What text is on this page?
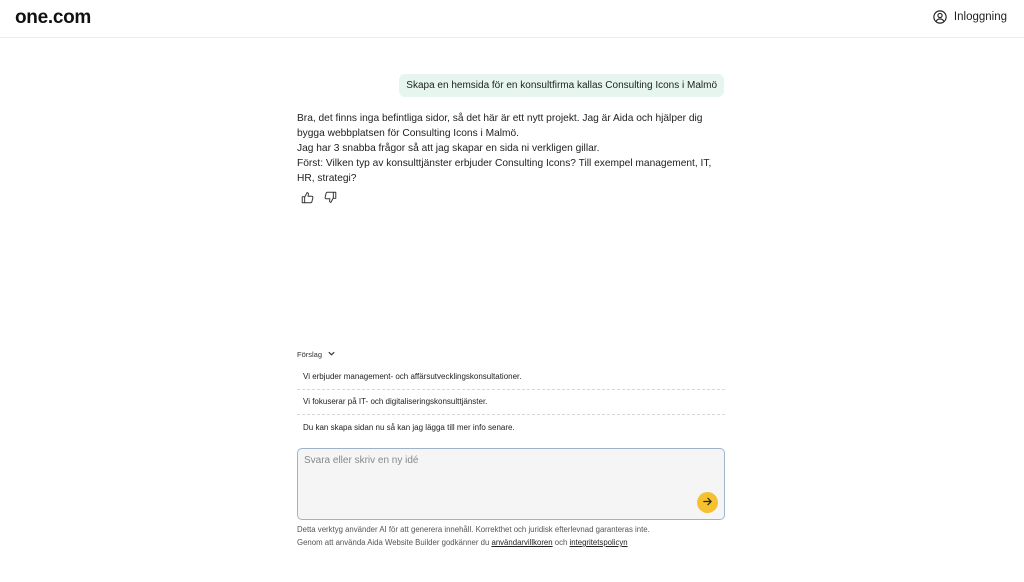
one.com	Inloggning
Skapa en hemsida för en konsultfirma kallas Consulting Icons i Malmö

Bra, det finns inga befintliga sidor, så det här är ett nytt projekt. Jag är Aida och hjälper dig bygga webbplatsen för Consulting Icons i Malmö.
Jag har 3 snabba frågor så att jag skapar en sida ni verkligen gillar.
Först: Vilken typ av konsulttjänster erbjuder Consulting Icons? Till exempel management, IT, HR, strategi?

Förslag
Vi erbjuder management- och affärsutvecklingskonsultationer.
Vi fokuserar på IT- och digitaliseringskonsulttjänster.
Du kan skapa sidan nu så kan jag lägga till mer info senare.
Svara eller skriv en ny idé
Detta verktyg använder AI för att generera innehåll. Korrekthet och juridisk efterlevnad garanteras inte.
Genom att använda Aida Website Builder godkänner du användarvillkoren och integritetspolicyn
